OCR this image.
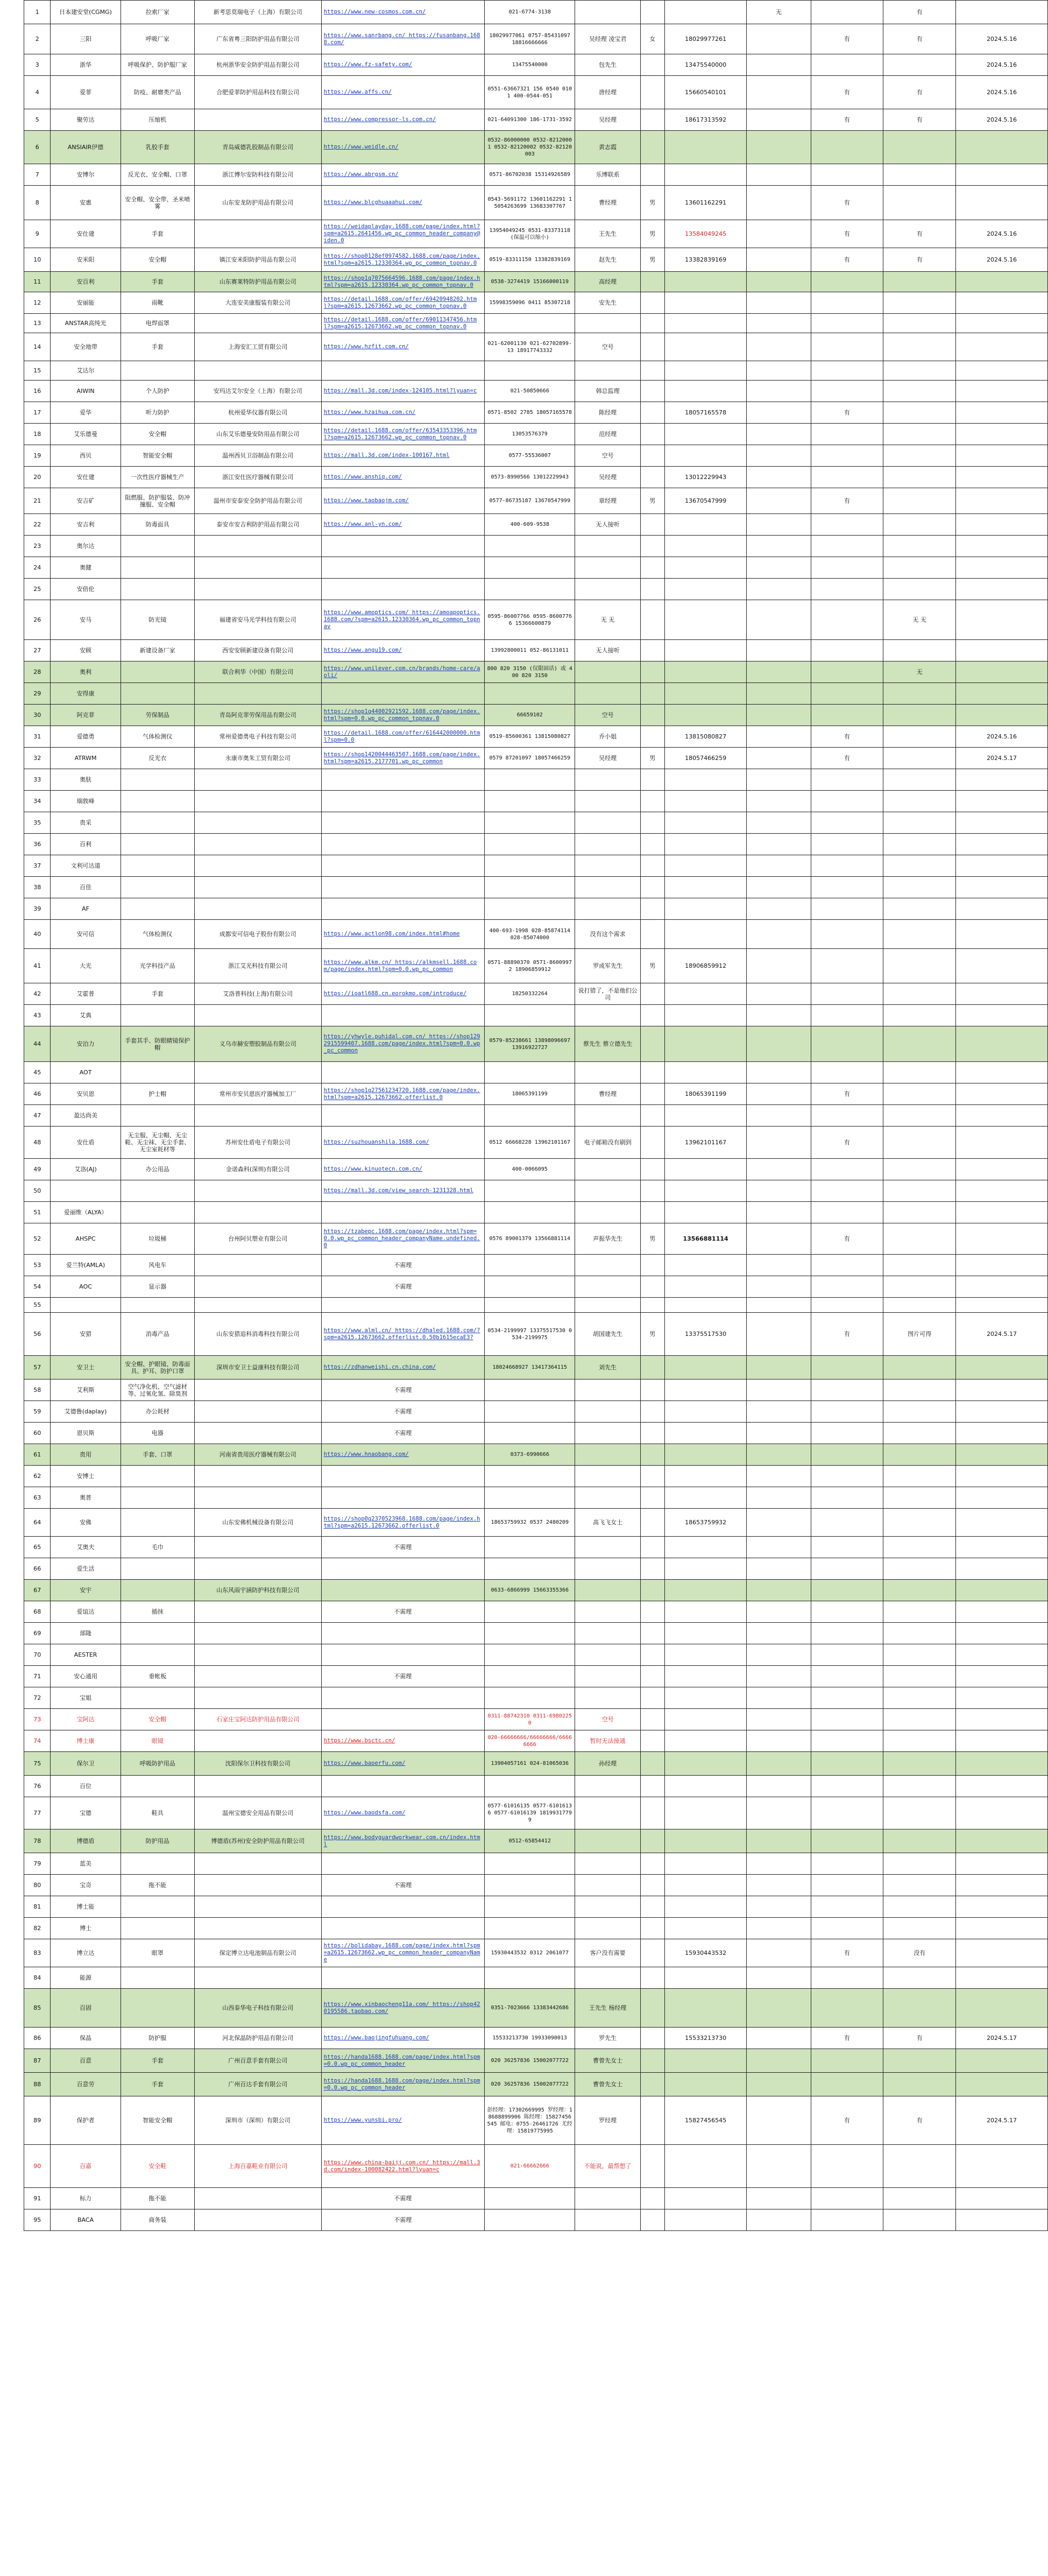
1	日本建安堂(CGMG)	拉索厂家	新考思莫瑞电子（上海）有限公司	https://www.new-cosmos.com.cn/	021-6774-3138				无		有	
2	三阳	呼吸厂家	广东省粤三阳防护用品有限公司	https://www.sanrbang.cn/ https://fusanbang.1688.com/	18029977061 0757-85431097 18816666666	吴经理 凌宝君	女	18029977261		有	有	2024.5.16
3	浙华	呼吸保护、防护服厂家	杭州浙华安全防护用品有限公司	https://www.fz-safety.com/	13475540000	包先生		13475540000				2024.5.16
4	爱菲	防疫、耐磨类产品	合肥爱菲防护用品科技有限公司	https://www.affs.cn/	0551-63667321 156 0540 0101 400-0544-051	唐经理		15660540101		有	有	2024.5.16
5	聚劳达	压缩机		https://www.compressor-ls.com.cn/	021-64091300 186-1731-3592	吴经理		18617313592		有	有	2024.5.16
6	ANSIAIR伊德	乳胶手套	青岛威德乳胶制品有限公司	https://www.weidle.cn/	0532-86000000 0532-82120001 0532-82120002 0532-82120003	黄志霞						
7	安博尔	反光衣、安全帽、口罩	浙江博尔安防科技有限公司	https://www.abrgsm.cn/	0571-86702038 15314926589	乐博联系						
8	安惠	安全帽、安全带、圣米喷雾	山东安龙防护用品有限公司	https://www.blcghuaaahui.com/	0543-5691172 13601162291 15054263699 13683307767	曹经理	男	13601162291		有		
9	安仕建	手套		https://weidaplayday.1688.com/page/index.html?spm=a2615.2641456.wp_pc_common_header_company@iden.0	13954049245 0531-83373118 (保温可以缩小)	王先生	男	13584049245		有	有	2024.5.16
10	安米阳	安全帽	镇江安米阳防护用品有限公司	https://shop0128ef0974582.1688.com/page/index.html?spm=a2615.12330364.wp_pc_common_topnav.0	0519-83311150 13382839169	赵先生	男	13382839169		有	有	2024.5.16
11	安百利	手套	山东赛莱特防护用品有限公司	https://shop1q7075664596.1688.com/page/index.html?spm=a2615.12330364.wp_pc_common_topnav.0	0538-3274419 15166000119	高经理						
12	安丽能	雨靴	大连安美康服装有限公司	https://detail.1688.com/offer/69420948202.html?spm=a2615.12673662.wp_pc_common_topnav.0	15998359096 0411 85307218	安先生						
13	ANSTAR高纯光	电焊面罩		https://detail.1688.com/offer/69011347456.html?spm=a2615.12673662.wp_pc_common_topnav.0								
14	安全地带	手套	上海安汇工贸有限公司	https://www.hzfit.com.cn/	021-62001130 021-62702899-13 18917743332	空号						
15	艾达尔											
16	AIWIN	个人防护	安玛达艾尔安全（上海）有限公司	https://mall.3d.com/index-124105.html?lyuan=c	021-50850666	韩总监理						
17	爱华	听力防护	杭州爱华仪器有限公司	https://www.hzaihua.com.cn/	0571-8502 2785 18057165578	陈经理		18057165578		有		
18	艾乐德曼	安全帽	山东艾乐德曼安防用品有限公司	https://detail.1688.com/offer/63543353396.html?spm=a2615.12673662.wp_pc_common_topnav.0	13053576379	范经理						
19	西贝	智能安全帽	温州西贝卫浴制品有限公司	https://mall.3d.com/index-100167.html	0577-55536007	空号						
20	安仕建	一次性医疗器械生产	浙江安仕医疗器械有限公司	https://www.anshiq.com/	0573-8990566 13012229943	吴经理		13012229943				
21	安吉矿	阻燃服、防护服装、防冲撞服、安全帽	温州市安泰安全防护用品有限公司	https://www.taobaojm.com/	0577-86735187 13670547999	章经理	男	13670547999		有		
22	安吉利	防毒面具	泰安市安吉利防护用品有限公司	https://www.anl-yn.com/	400-609-9538	无人接听						
23	奥尔达											
24	奥健											
25	安倍伦											
26	安马	防光镜	福建省安马光学科技有限公司	https://www.amoptics.com/ https://amoapoptics.1688.com/?spm=a2615.12330364.wp_pc_common_topnav	0595-86007766 0595-86007766 15366600879	无 无					无 无	
27	安顾	新建设备厂家	西安安顾新建设备有限公司	https://www.angu19.com/	13992800011 052-86131011	无人接听						
28	奥利		联合利华（中国）有限公司	https://www.unilever.com.cn/brands/home-care/aoli/	800 820 3150 (仅限固话) 或 400 820 3150						无	
29	安得康											
30	阿克菲	劳保制品	青岛阿克菲劳保用品有限公司	https://shop1q44002921592.1688.com/page/index.html?spm=0.0.wp_pc_common_topnav.0	66659102	空号						
31	爱德勇	气体检测仪	常州爱德勇电子科技有限公司	https://detail.1688.com/offer/616442000000.html?spm=0.0	0519-85600361 13815080827	乔小姐		13815080827		有		2024.5.16
32	ATRWM	反光衣	永康市奥朱工贸有限公司	https://shop1420044463507.1688.com/page/index.html?spm=a2615.2177701.wp_pc_common	0579 87201097 18057466259	吴经理	男	18057466259		有		2024.5.17
33	奥肤											
34	瑞敦峰											
35	贵采											
36	百利											
37	文利可达道											
38	百佳											
39	AF											
40	安可信	气体检测仪	成都安可信电子股份有限公司	https://www.actlon98.com/index.html#home	400-693-1998 028-85874114 028-85074000	没有这个需求						
41	大光	光学科技产品	浙江艾光科技有限公司	https://www.alkm.cn/ https://alkmsell.1688.com/page/index.html?spm=0.0.wp_pc_common	0571-88890370 0571-86009972 18906859912	罗成军先生	男	18906859912				
42	艾霍普	手套	艾洛普科技(上海)有限公司	https://ioatl688.cn.eorokmo.com/introduce/	18250332264	说打错了，不是他们公司						
43	艾典											
44	安泊力	手套其手、防眼睛镜保护帽	义乌市赫安塑胶制品有限公司	https://yhwyle.puhidal.com.cn/ https://shop1292915599407.1688.com/page/index.html?spm=0.0.wp_pc_common	0579-85238661 13898096697 13916922727	蔡先生 蔡立德先生						
45	AOT											
46	安贝恩	护士帽	常州市安贝恩医疗器械加工厂	https://shop1q27561234720.1688.com/page/index.html?spm=a2615.12673662.offerlist.0	18065391199	曹经理		18065391199		有		
47	盈达尚美											
48	安仕盾	无尘服、无尘帽、无尘鞋、无尘袜、无尘手套、无尘室耗材等	苏州安仕盾电子有限公司	https://suzhouanshila.1688.com/	0512 66668228 13962101167	电子邮箱没有刷到		13962101167		有		
49	艾洛(AJ)	办公用品	金诺森科(深圳)有限公司	https://www.kinuotecn.com.cn/	400-0066095							
50				https://mall.3d.com/view_search-1231328.html								
51	爱丽维（ALYA）											
52	AHSPC	垃圾桶	台州阿贝塑业有限公司	https://tzabepc.1688.com/page/index.html?spm=0.0.wp_pc_common_header_companyName.undefined.0	0576 89001379 13566881114	声振华先生	男	13566881114		有		
53	爱兰特(AMLA)	风电车		不需理								
54	AOC	显示器		不需理								
55												
56	安猎	消毒产品	山东安猎追科消毒科技有限公司	https://www.alml.cn/ https://dhaled.1688.com/?spm=a2615.12673662.offerlist.0.50b1615ecaE3?	0534-2199997 13375517530 0534-2199975	胡国建先生	男	13375517530		有	图片可得	2024.5.17
57	安卫士	安全帽、护眼镜、防毒面具、护耳、防护口罩	深圳市安卫士益康科技有限公司	https://zdhanweishi.cn.china.com/	18024668927 13417364115	刘先生						
58	艾利斯	空气净化机、空气滤材等、过氧化氢、除臭剂		不需理								
59	艾德鲁(daplay)	办公耗材		不需理								
60	恩贝斯	电器		不需理								
61	贵用	手套、口罩	河南省贵用医疗器械有限公司	https://www.hnaobang.com/	0373-6990666							
62	安博士											
63	奥普											
64	安佛		山东安佛机械设备有限公司	https://shop0q2370523968.1688.com/page/index.html?spm=a2615.12673662.offerlist.0	18653759932 0537 2480209	高飞飞女士		18653759932				
65	艾奥夫	毛巾		不需理								
66	爱生活											
67	安宇		山东风雨宇涵防护科技有限公司		0633-6866999 15663355366							
68	爱谊达	插抹		不需理								
69	部隆											
70	AESTER											
71	安心通用	垂帐板		不需理								
72	宝姐											
73	宝阿达	安全帽	石家庄宝阿达防护用品有限公司		0311-88742310 0311-69802250	空号						
74	博士康	眼镜		https://www.bsctc.cn/	020-66666666/66666666/66666666	暂时无法接通						
75	保尔卫	呼吸防护用品	沈阳保尔卫科技有限公司	https://www.baoerfu.com/	13904057161 024-81065036	孙经理						
76	百位											
77	宝德	鞋具	温州宝德安全用品有限公司	https://www.baodsfa.com/	0577-61016135 0577-61016136 0577-61016139 18199317799							
78	博德盾	防护用品	博德盾(苏州)安全防护用品有限公司	https://www.bodyguardworkwear.com.cn/index.html	0512-65854412							
79	蓝美											
80	宝奇	拖不能		不需理								
81	博士能											
82	博士											
83	博立达	眼罩	保定博立达电池制品有限公司	https://bolidabay.1688.com/page/index.html?spm=a2615.12673662.wp_pc_common_header_companyName	15930443532 0312 2061077	客户没有需要		15930443532		有	没有	
84	能源											
85	百固		山西泰华电子科技有限公司	https://www.xinbaocheng11a.com/ https://shop420195586.taobao.com/	0351-7023666 13383442686	王先生 杨经理						
86	保晶	防护服	河北保晶防护用品有限公司	https://www.baojingfuhuang.com/	15533213730 19933090013	罗先生		15533213730		有	有	2024.5.17
87	百意	手套	广州百意手套有限公司	https://handa1688.1688.com/page/index.html?spm=0.0.wp_pc_common_header	020 36257836 15002077722	曹曾先女士						
88	百意劳	手套	广州百达手套有限公司	https://handa1688.1688.com/page/index.html?spm=0.0.wp_pc_common_header	020 36257836 15002077722	曹曾先女士						
89	保护者	智能安全帽	深圳市（深圳）有限公司	https://www.yunsbi.pro/	彭经理：17302669995 罗经理：18688899906 陈经理：15827456545 邮电：0755-26461726 尤经理：15819775995	罗经理		15827456545		有	有	2024.5.17
90	百嘉	安全鞋	上海百嘉鞋业有限公司	https://www.china-baijj.com.cn/ https://mall.3d.com/index-100082422.html?lyuan=c	021-66662666	不能说，最帮想了						
91	标力	拖不能		不需理								
95	BACA	商务装		不需理								
